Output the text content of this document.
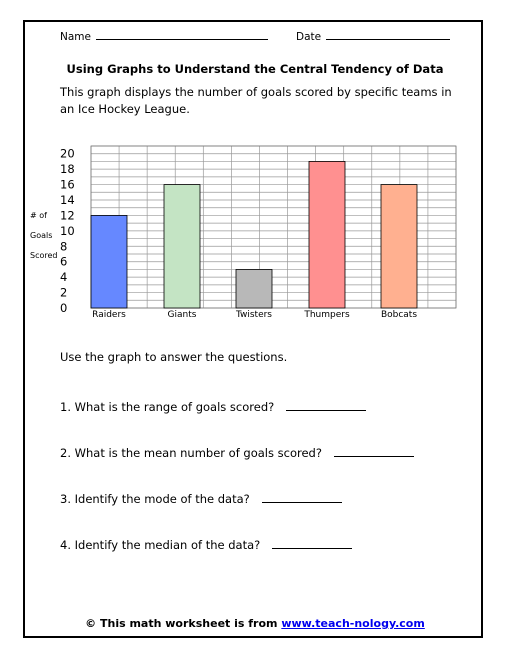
Name	Date
Using Graphs to Understand the Central Tendency of Data
This graph displays the number of goals scored by specific teams in an Ice Hockey League.
0
2
4
6
8
10
12
14
16
18
20
# of
Goals
Scored
Raiders	Giants	Twisters	Thumpers	Bobcats
Use the graph to answer the questions.
1. What is the range of goals scored?
2. What is the mean number of goals scored?
3. Identify the mode of the data?
4. Identify the median of the data?
© This math worksheet is from www.teach-nology.com
